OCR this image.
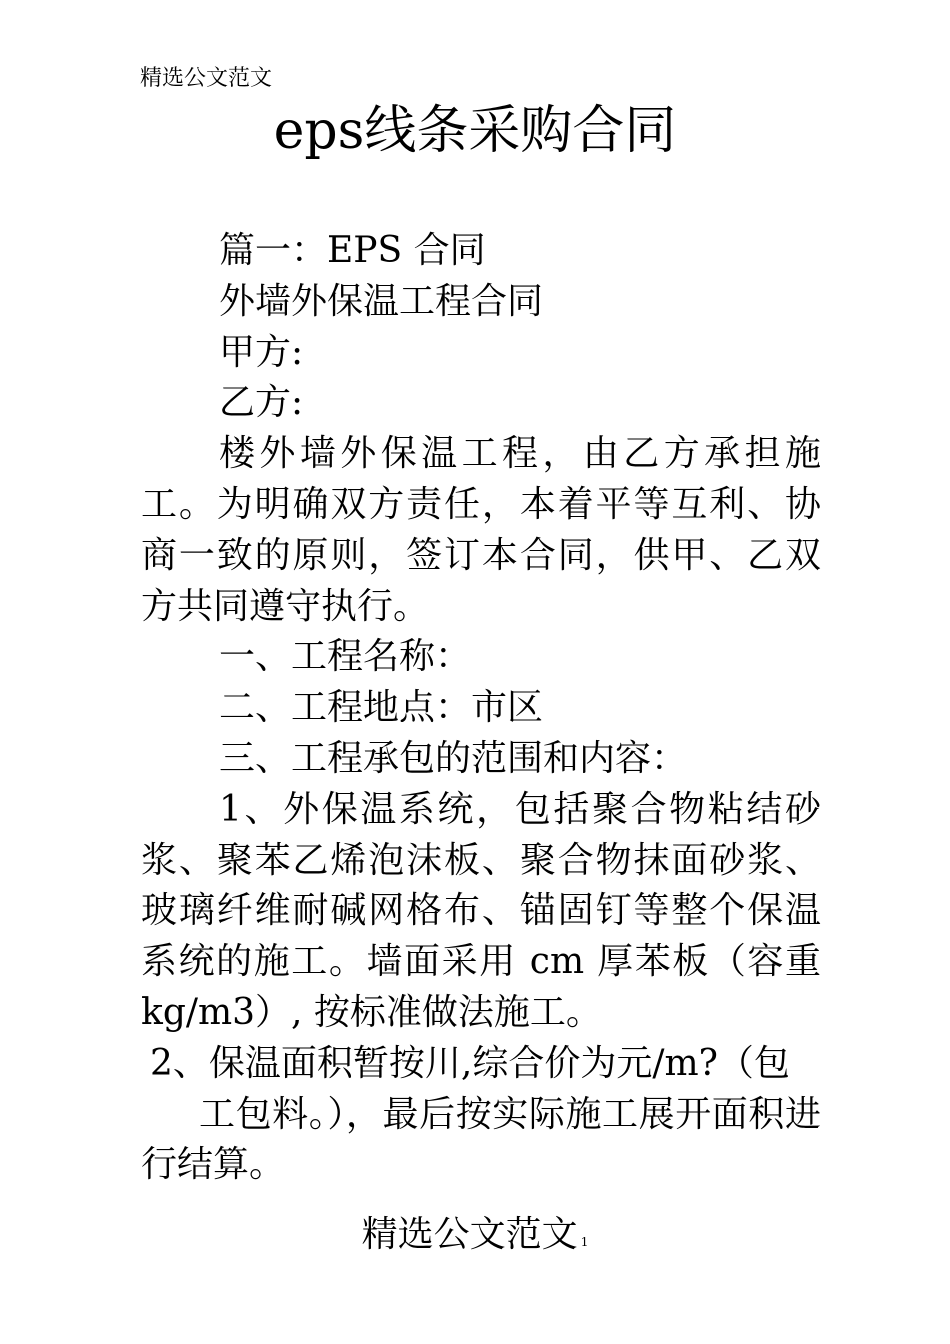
精选公文范文
eps线条采购合同

篇一：EPS 合同

外墙外保温工程合同

甲方:

乙方:

楼外墙外保温工程，由乙方承担施工。为明确双方责任，本着平等互利、协商一致的原则，签订本合同，供甲、乙双方共同遵守执行。

一、工程名称：

二、工程地点：市区

三、工程承包的范围和内容：

1、外保温系统，包括聚合物粘结砂浆、聚苯乙烯泡沫板、聚合物抹面砂浆、玻璃纤维耐碱网格布、锚固钉等整个保温系统的施工。墙面采用 cm 厚苯板（容重 kg/m3）, 按标准做法施工。

2、保温面积暂按川,综合价为元/m?（包

工包料。），最后按实际施工展开面积进行结算。

精选公文范文 1
